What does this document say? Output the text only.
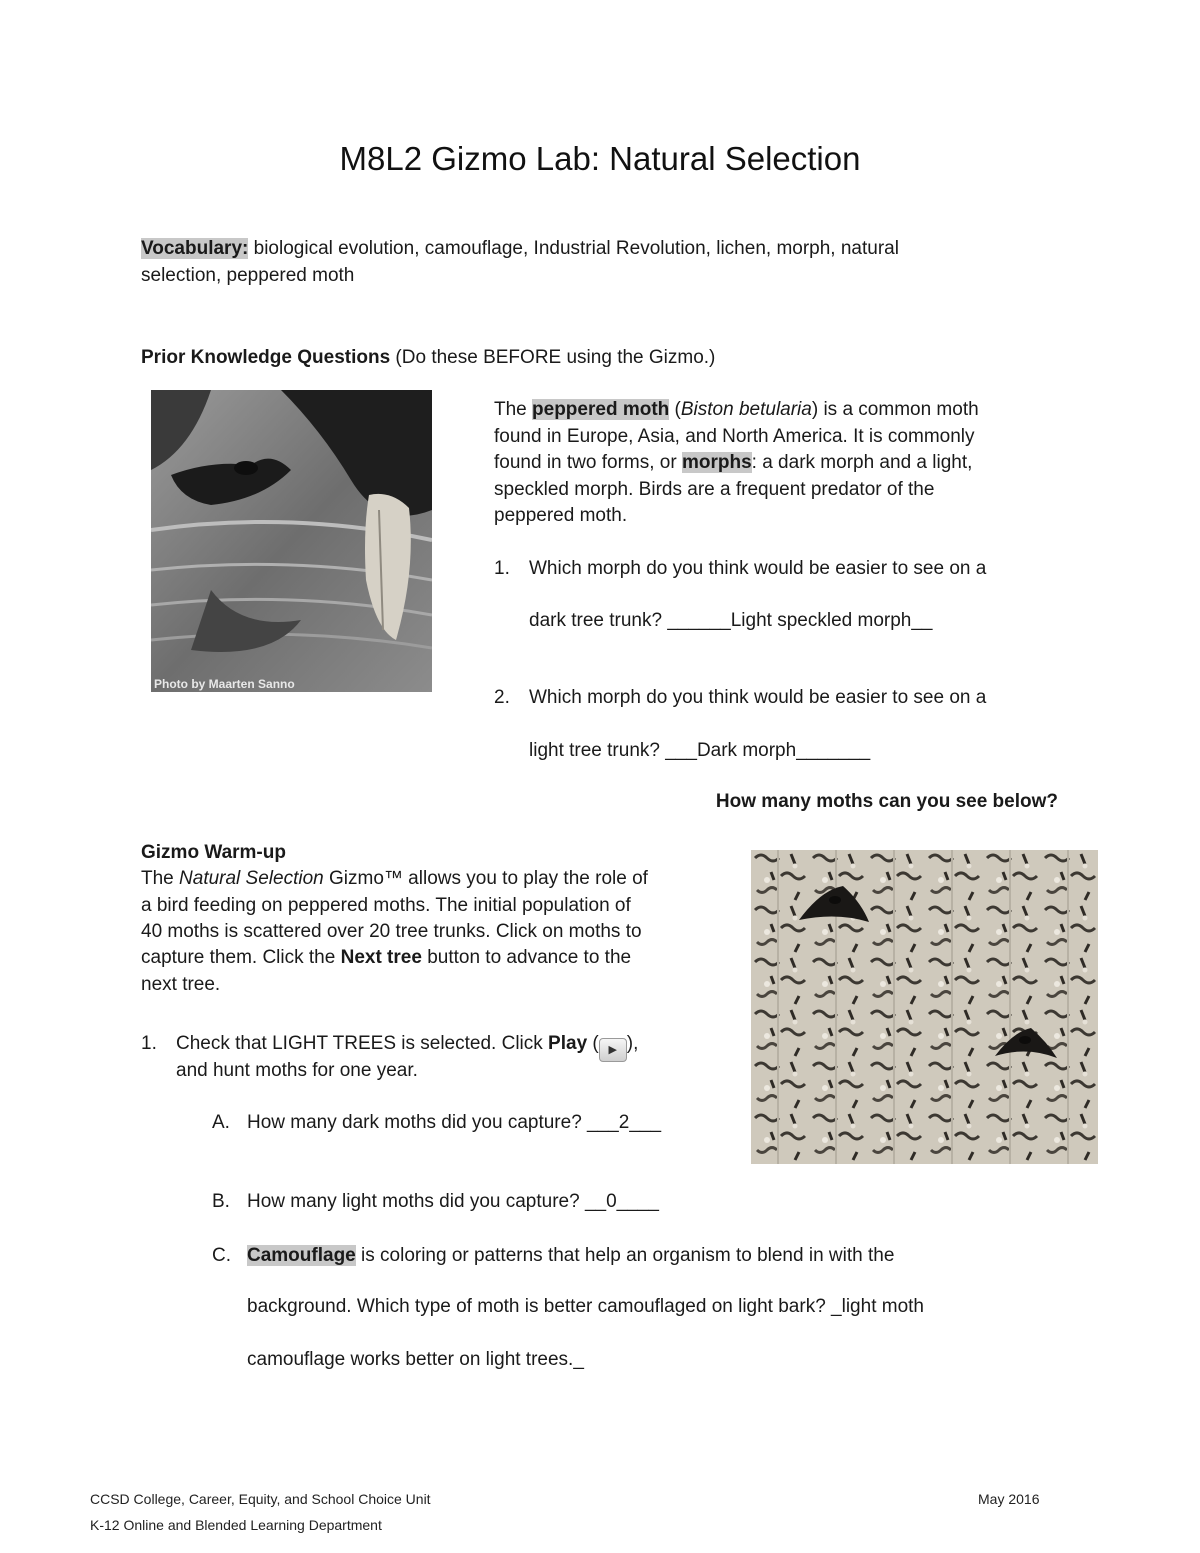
M8L2 Gizmo Lab: Natural Selection
Vocabulary: biological evolution, camouflage, Industrial Revolution, lichen, morph, natural
selection, peppered moth
Prior Knowledge Questions (Do these BEFORE using the Gizmo.)
Photo by Maarten Sanno
The peppered moth (Biston betularia) is a common moth
found in Europe, Asia, and North America. It is commonly
found in two forms, or morphs: a dark morph and a light,
speckled morph. Birds are a frequent predator of the
peppered moth.
1. Which morph do you think would be easier to see on a
dark tree trunk? ______Light speckled morph__
2. Which morph do you think would be easier to see on a
light tree trunk? ___Dark morph_______
How many moths can you see below?
Gizmo Warm-up
The Natural Selection Gizmo™ allows you to play the role of
a bird feeding on peppered moths. The initial population of
40 moths is scattered over 20 tree trunks. Click on moths to
capture them. Click the Next tree button to advance to the
next tree.
1. Check that LIGHT TREES is selected. Click Play ( ▶ ),
and hunt moths for one year.
A. How many dark moths did you capture? ___2___
B. How many light moths did you capture? __0____
C. Camouflage is coloring or patterns that help an organism to blend in with the
background. Which type of moth is better camouflaged on light bark? _light moth
camouflage works better on light trees._
CCSD College, Career, Equity, and School Choice Unit
K-12 Online and Blended Learning Department
May 2016
